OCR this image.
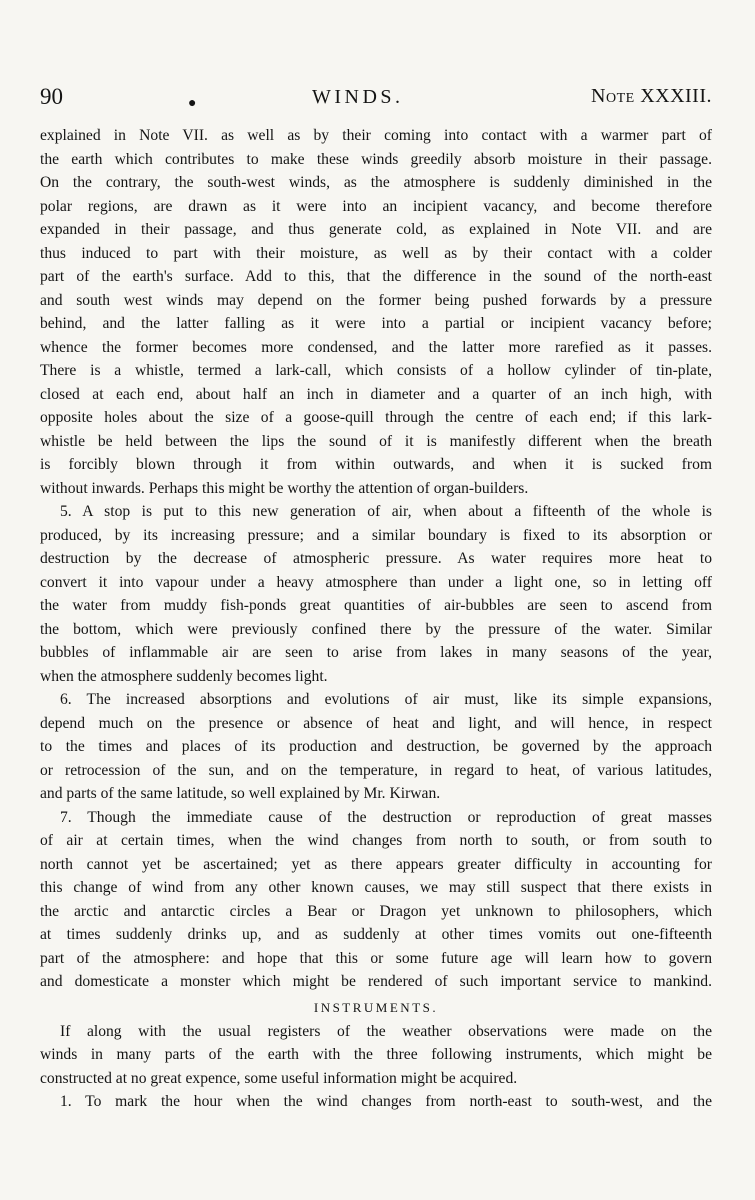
90	●	WINDS.	Note XXXIII.
explained in Note VII. as well as by their coming into contact with a warmer part of
the earth which contributes to make these winds greedily absorb moisture in their passage.
On the contrary, the south-west winds, as the atmosphere is suddenly diminished in the
polar regions, are drawn as it were into an incipient vacancy, and become therefore
expanded in their passage, and thus generate cold, as explained in Note VII. and are
thus induced to part with their moisture, as well as by their contact with a colder
part of the earth's surface. Add to this, that the difference in the sound of the north-east
and south west winds may depend on the former being pushed forwards by a pressure
behind, and the latter falling as it were into a partial or incipient vacancy before;
whence the former becomes more condensed, and the latter more rarefied as it passes.
There is a whistle, termed a lark-call, which consists of a hollow cylinder of tin-plate,
closed at each end, about half an inch in diameter and a quarter of an inch high, with
opposite holes about the size of a goose-quill through the centre of each end; if this lark-
whistle be held between the lips the sound of it is manifestly different when the breath
is forcibly blown through it from within outwards, and when it is sucked from
without inwards. Perhaps this might be worthy the attention of organ-builders.
5. A stop is put to this new generation of air, when about a fifteenth of the whole is
produced, by its increasing pressure; and a similar boundary is fixed to its absorption or
destruction by the decrease of atmospheric pressure. As water requires more heat to
convert it into vapour under a heavy atmosphere than under a light one, so in letting off
the water from muddy fish-ponds great quantities of air-bubbles are seen to ascend from
the bottom, which were previously confined there by the pressure of the water. Similar
bubbles of inflammable air are seen to arise from lakes in many seasons of the year,
when the atmosphere suddenly becomes light.
6. The increased absorptions and evolutions of air must, like its simple expansions,
depend much on the presence or absence of heat and light, and will hence, in respect
to the times and places of its production and destruction, be governed by the approach
or retrocession of the sun, and on the temperature, in regard to heat, of various latitudes,
and parts of the same latitude, so well explained by Mr. Kirwan.
7. Though the immediate cause of the destruction or reproduction of great masses
of air at certain times, when the wind changes from north to south, or from south to
north cannot yet be ascertained; yet as there appears greater difficulty in accounting for
this change of wind from any other known causes, we may still suspect that there exists in
the arctic and antarctic circles a Bear or Dragon yet unknown to philosophers, which
at times suddenly drinks up, and as suddenly at other times vomits out one-fifteenth
part of the atmosphere: and hope that this or some future age will learn how to govern
and domesticate a monster which might be rendered of such important service to mankind.
INSTRUMENTS.
If along with the usual registers of the weather observations were made on the
winds in many parts of the earth with the three following instruments, which might be
constructed at no great expence, some useful information might be acquired.
1. To mark the hour when the wind changes from north-east to south-west, and the
